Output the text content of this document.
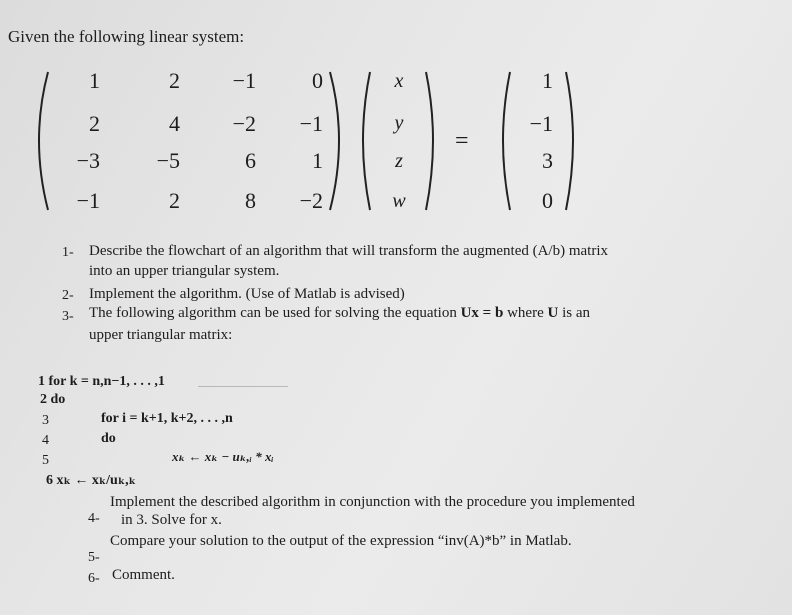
Given the following linear system:
1	2	−1	0
2	4	−2	−1
−3	−5	6	1
−1	2	8	−2
x
y
z
w
=
1
−1
3
0
1- Describe the flowchart of an algorithm that will transform the augmented (A/b) matrix
into an upper triangular system.
2- Implement the algorithm. (Use of Matlab is advised)
3- The following algorithm can be used for solving the equation Ux = b where U is an
upper triangular matrix:
1 for k = n,n−1, . . . ,1
2 do
3	for i = k+1, k+2, . . . ,n
4	do
5	xₖ ← xₖ − uₖ,ᵢ * xᵢ
6 xₖ ← xₖ/uₖ,ₖ
4-
Implement the described algorithm in conjunction with the procedure you implemented
in 3. Solve for x.
5-
Compare your solution to the output of the expression “inv(A)*b” in Matlab.
6- Comment.
